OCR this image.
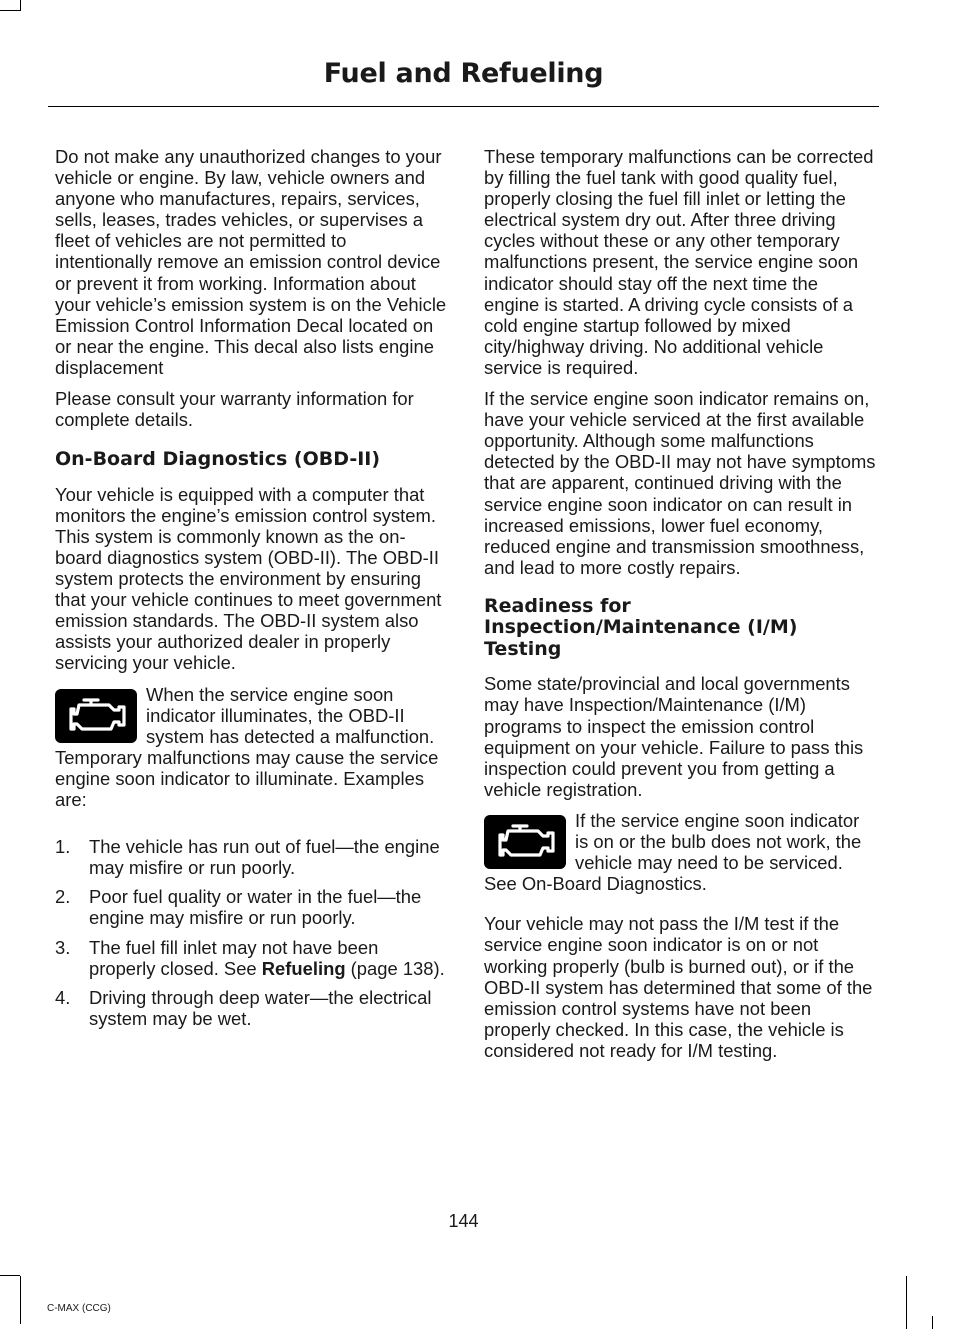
Fuel and Refueling

Do not make any unauthorized changes to your vehicle or engine. By law, vehicle owners and anyone who manufactures, repairs, services, sells, leases, trades vehicles, or supervises a fleet of vehicles are not permitted to intentionally remove an emission control device or prevent it from working. Information about your vehicle’s emission system is on the Vehicle Emission Control Information Decal located on or near the engine. This decal also lists engine displacement

Please consult your warranty information for complete details.

On-Board Diagnostics (OBD-II)

Your vehicle is equipped with a computer that monitors the engine’s emission control system. This system is commonly known as the on-board diagnostics system (OBD-II). The OBD-II system protects the environment by ensuring that your vehicle continues to meet government emission standards. The OBD-II system also assists your authorized dealer in properly servicing your vehicle.

When the service engine soon indicator illuminates, the OBD-II system has detected a malfunction. Temporary malfunctions may cause the service engine soon indicator to illuminate. Examples are:
1.	The vehicle has run out of fuel—the engine may misfire or run poorly.
2.	Poor fuel quality or water in the fuel—the engine may misfire or run poorly.
3.	The fuel fill inlet may not have been properly closed. See Refueling (page 138).
4.	Driving through deep water—the electrical system may be wet.

These temporary malfunctions can be corrected by filling the fuel tank with good quality fuel, properly closing the fuel fill inlet or letting the electrical system dry out. After three driving cycles without these or any other temporary malfunctions present, the service engine soon indicator should stay off the next time the engine is started. A driving cycle consists of a cold engine startup followed by mixed city/highway driving. No additional vehicle service is required.

If the service engine soon indicator remains on, have your vehicle serviced at the first available opportunity. Although some malfunctions detected by the OBD-II may not have symptoms that are apparent, continued driving with the service engine soon indicator on can result in increased emissions, lower fuel economy, reduced engine and transmission smoothness, and lead to more costly repairs.

Readiness for Inspection/Maintenance (I/M) Testing

Some state/provincial and local governments may have Inspection/Maintenance (I/M) programs to inspect the emission control equipment on your vehicle. Failure to pass this inspection could prevent you from getting a vehicle registration.

If the service engine soon indicator is on or the bulb does not work, the vehicle may need to be serviced. See On-Board Diagnostics.

Your vehicle may not pass the I/M test if the service engine soon indicator is on or not working properly (bulb is burned out), or if the OBD-II system has determined that some of the emission control systems have not been properly checked. In this case, the vehicle is considered not ready for I/M testing.

144
C-MAX (CCG)
